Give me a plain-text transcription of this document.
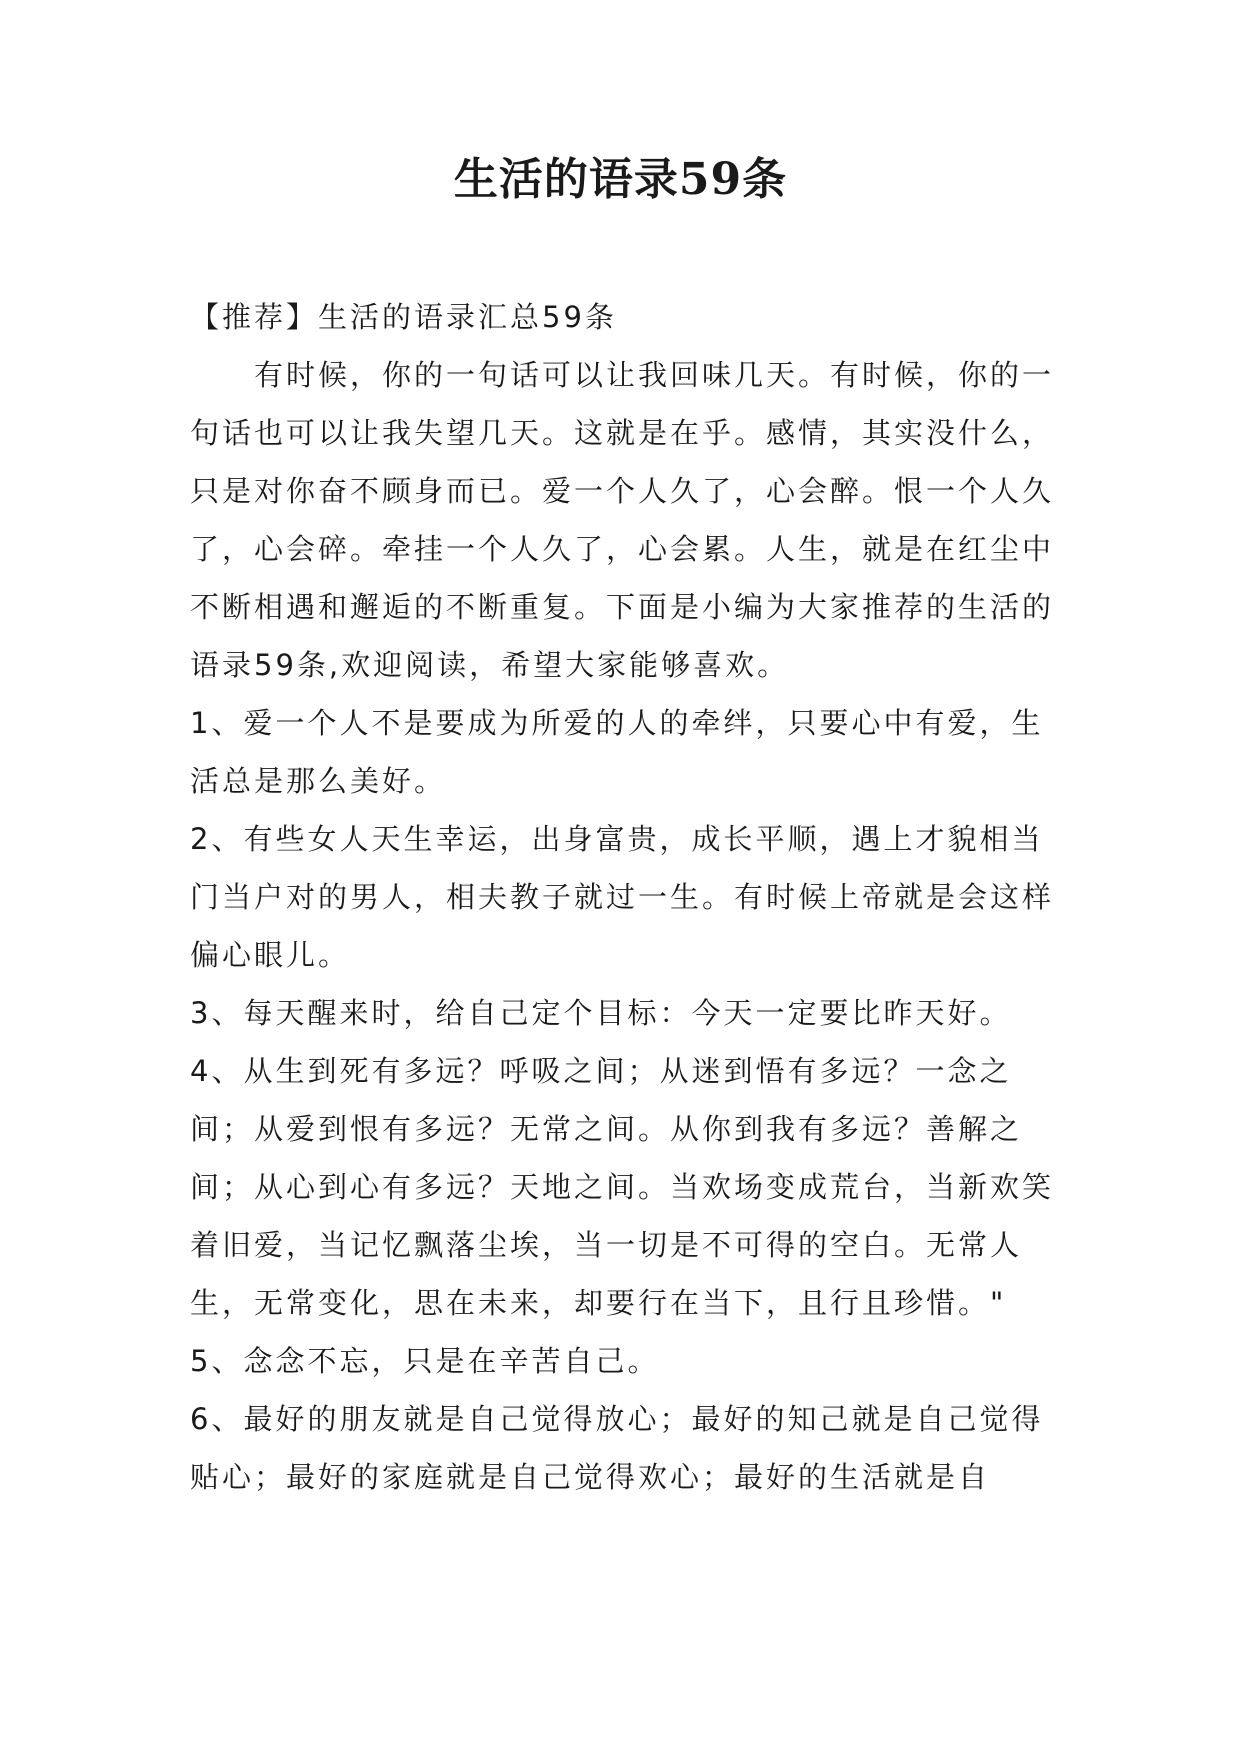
生活的语录59条

【推荐】生活的语录汇总59条

有时候，你的一句话可以让我回味几天。有时候，你的一句话也可以让我失望几天。这就是在乎。感情，其实没什么，只是对你奋不顾身而已。爱一个人久了，心会醉。恨一个人久了，心会碎。牵挂一个人久了，心会累。人生，就是在红尘中不断相遇和邂逅的不断重复。下面是小编为大家推荐的生活的语录59条,欢迎阅读，希望大家能够喜欢。

1、爱一个人不是要成为所爱的人的牵绊，只要心中有爱，生活总是那么美好。

2、有些女人天生幸运，出身富贵，成长平顺，遇上才貌相当门当户对的男人，相夫教子就过一生。有时候上帝就是会这样偏心眼儿。

3、每天醒来时，给自己定个目标：今天一定要比昨天好。

4、从生到死有多远？呼吸之间；从迷到悟有多远？一念之间；从爱到恨有多远？无常之间。从你到我有多远？善解之间；从心到心有多远？天地之间。当欢场变成荒台，当新欢笑着旧爱，当记忆飘落尘埃，当一切是不可得的空白。无常人生，无常变化，思在未来，却要行在当下，且行且珍惜。"

5、念念不忘，只是在辛苦自己。

6、最好的朋友就是自己觉得放心；最好的知己就是自己觉得贴心；最好的家庭就是自己觉得欢心；最好的生活就是自
